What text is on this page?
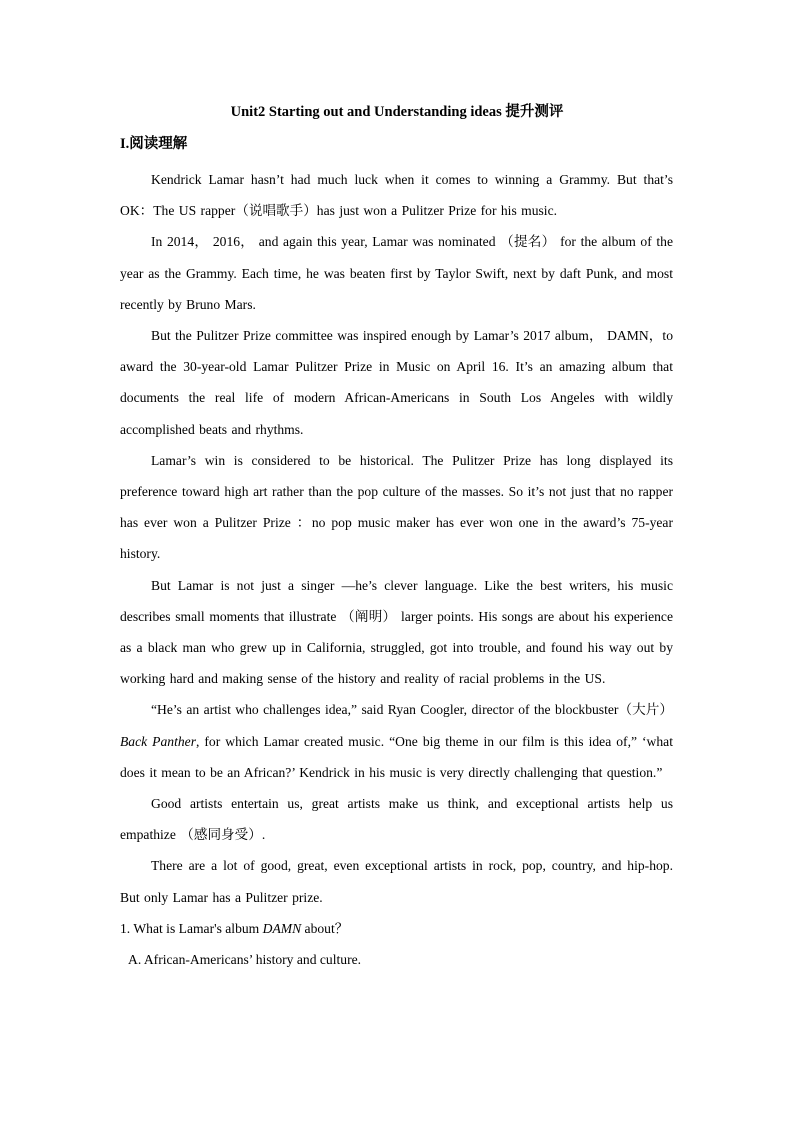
Unit2 Starting out and Understanding ideas 提升测评

I.阅读理解

Kendrick Lamar hasn’t had much luck when it comes to winning a Grammy. But that’s OK：The US rapper（说唱歌手）has just won a Pulitzer Prize for his music.

In 2014， 2016， and again this year, Lamar was nominated （提名） for the album of the year as the Grammy. Each time, he was beaten first by Taylor Swift, next by daft Punk, and most recently by Bruno Mars.

But the Pulitzer Prize committee was inspired enough by Lamar’s 2017 album， DAMN，to award the 30-year-old Lamar Pulitzer Prize in Music on April 16. It’s an amazing album that documents the real life of modern African-Americans in South Los Angeles with wildly accomplished beats and rhythms.

Lamar’s win is considered to be historical. The Pulitzer Prize has long displayed its preference toward high art rather than the pop culture of the masses. So it’s not just that no rapper has ever won a Pulitzer Prize ：no pop music maker has ever won one in the award’s 75-year history.

But Lamar is not just a singer —he’s clever language. Like the best writers, his music describes small moments that illustrate （阐明） larger points. His songs are about his experience as a black man who grew up in California, struggled, got into trouble, and found his way out by working hard and making sense of the history and reality of racial problems in the US.

“He’s an artist who challenges idea,” said Ryan Coogler, director of the blockbuster（大片）Back Panther, for which Lamar created music. “One big theme in our film is this idea of,” ‘what does it mean to be an African?’ Kendrick in his music is very directly challenging that question.”

Good artists entertain us, great artists make us think, and exceptional artists help us empathize （感同身受）.

There are a lot of good, great, even exceptional artists in rock, pop, country, and hip-hop. But only Lamar has a Pulitzer prize.

1. What is Lamar's album DAMN about？

A. African-Americans’ history and culture.
